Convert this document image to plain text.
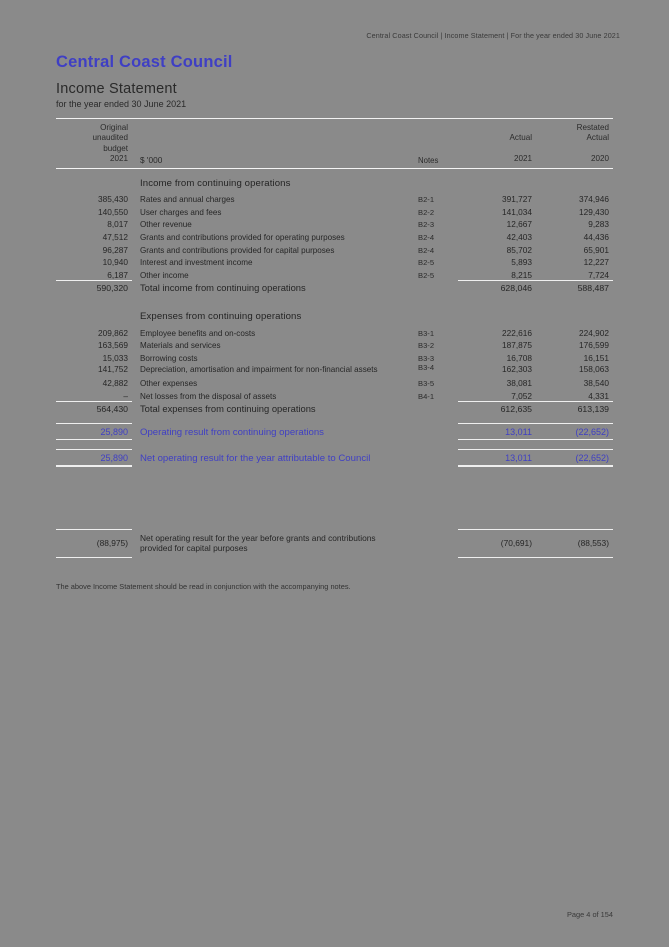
Central Coast Council | Income Statement | For the year ended 30 June 2021
Central Coast Council
Income Statement
for the year ended 30 June 2021

Original				Restated
unaudited			Actual	Actual
budget				
2021	$ '000	Notes	2021	2020

	Income from continuing operations			
385,430	Rates and annual charges	B2-1	391,727	374,946
140,550	User charges and fees	B2-2	141,034	129,430
8,017	Other revenue	B2-3	12,667	9,283
47,512	Grants and contributions provided for operating purposes	B2-4	42,403	44,436
96,287	Grants and contributions provided for capital purposes	B2-4	85,702	65,901
10,940	Interest and investment income	B2-5	5,893	12,227
6,187	Other income	B2-5	8,215	7,724
590,320	Total income from continuing operations		628,046	588,487

	Expenses from continuing operations			
209,862	Employee benefits and on-costs	B3-1	222,616	224,902
163,569	Materials and services	B3-2	187,875	176,599
15,033	Borrowing costs	B3-3	16,708	16,151
141,752	Depreciation, amortisation and impairment for non-financial assets	B3-4	162,303	158,063
42,882	Other expenses	B3-5	38,081	38,540
–	Net losses from the disposal of assets	B4-1	7,052	4,331
564,430	Total expenses from continuing operations		612,635	613,139

25,890	Operating result from continuing operations		13,011	(22,652)

25,890	Net operating result for the year attributable to Council		13,011	(22,652)

(88,975)	Net operating result for the year before grants and contributions provided for capital purposes		(70,691)	(88,553)
The above Income Statement should be read in conjunction with the accompanying notes.
Page 4 of 154
